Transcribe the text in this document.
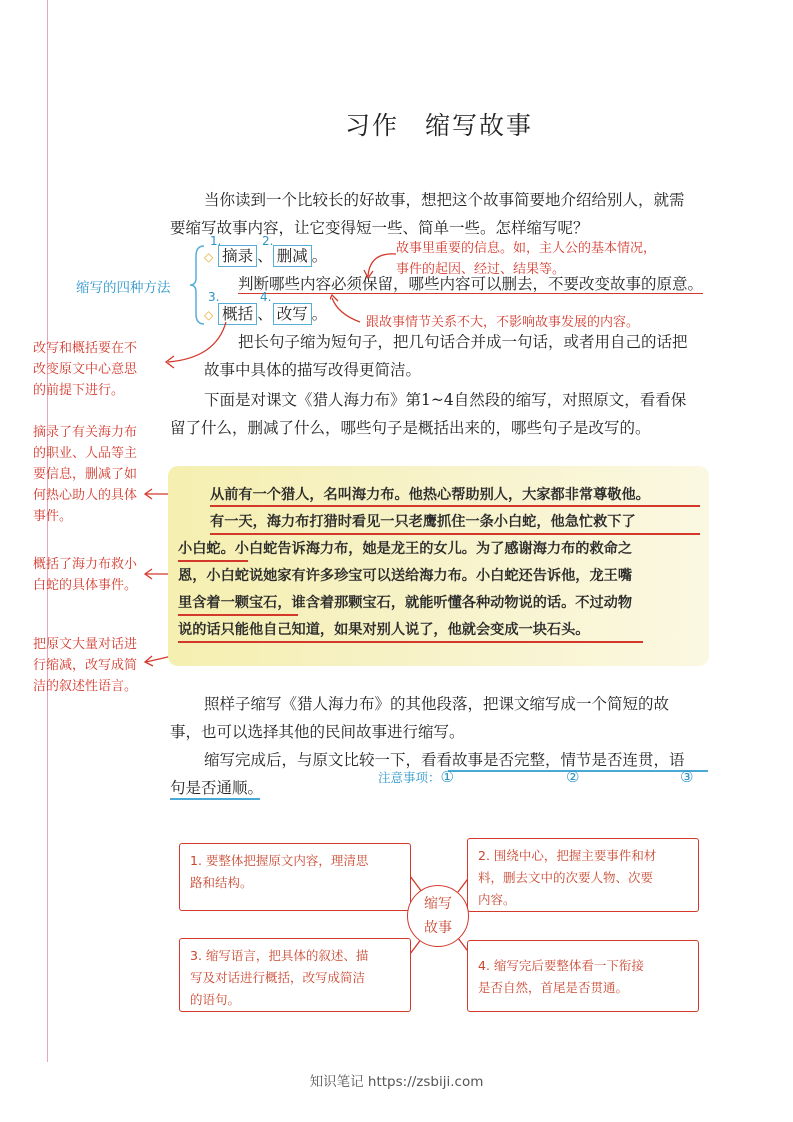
习作 缩写故事
当你读到一个比较长的好故事，想把这个故事简要地介绍给别人，就需
要缩写故事内容，让它变得短一些、简单一些。怎样缩写呢？
故事里重要的信息。如，主人公的基本情况，
事件的起因、经过、结果等。
缩写的四种方法
1.
◇ 摘录 、
2.
删减 。
判断哪些内容必须保留，哪些内容可以删去，不要改变故事的原意。
3.
◇ 概括 、
4.
改写 。	跟故事情节关系不大，不影响故事发展的内容。
把长句子缩为短句子，把几句话合并成一句话，或者用自己的话把
故事中具体的描写改得更简洁。
改写和概括要在不
改变原文中心意思
的前提下进行。
下面是对课文《猎人海力布》第1~4自然段的缩写，对照原文，看看保
留了什么，删减了什么，哪些句子是概括出来的，哪些句子是改写的。
摘录了有关海力布
的职业、人品等主
要信息，删减了如
何热心助人的具体
事件。
概括了海力布救小
白蛇的具体事件。
把原文大量对话进
行缩减，改写成简
洁的叙述性语言。
从前有一个猎人，名叫海力布。他热心帮助别人，大家都非常尊敬他。
有一天，海力布打猎时看见一只老鹰抓住一条小白蛇，他急忙救下了
小白蛇。小白蛇告诉海力布，她是龙王的女儿。为了感谢海力布的救命之
恩，小白蛇说她家有许多珍宝可以送给海力布。小白蛇还告诉他，龙王嘴
里含着一颗宝石，谁含着那颗宝石，就能听懂各种动物说的话。不过动物
说的话只能他自己知道，如果对别人说了，他就会变成一块石头。
照样子缩写《猎人海力布》的其他段落，把课文缩写成一个简短的故
事，也可以选择其他的民间故事进行缩写。
缩写完成后，与原文比较一下，看看故事是否完整，情节是否连贯，语
句是否通顺。
注意事项：①	②	③
1. 要整体把握原文内容，理清思
路和结构。
2. 围绕中心，把握主要事件和材
料，删去文中的次要人物、次要
内容。
3. 缩写语言，把具体的叙述、描
写及对话进行概括，改写成简洁
的语句。
4. 缩写完后要整体看一下衔接
是否自然，首尾是否贯通。
缩写
故事
知识笔记 https://zsbiji.com
